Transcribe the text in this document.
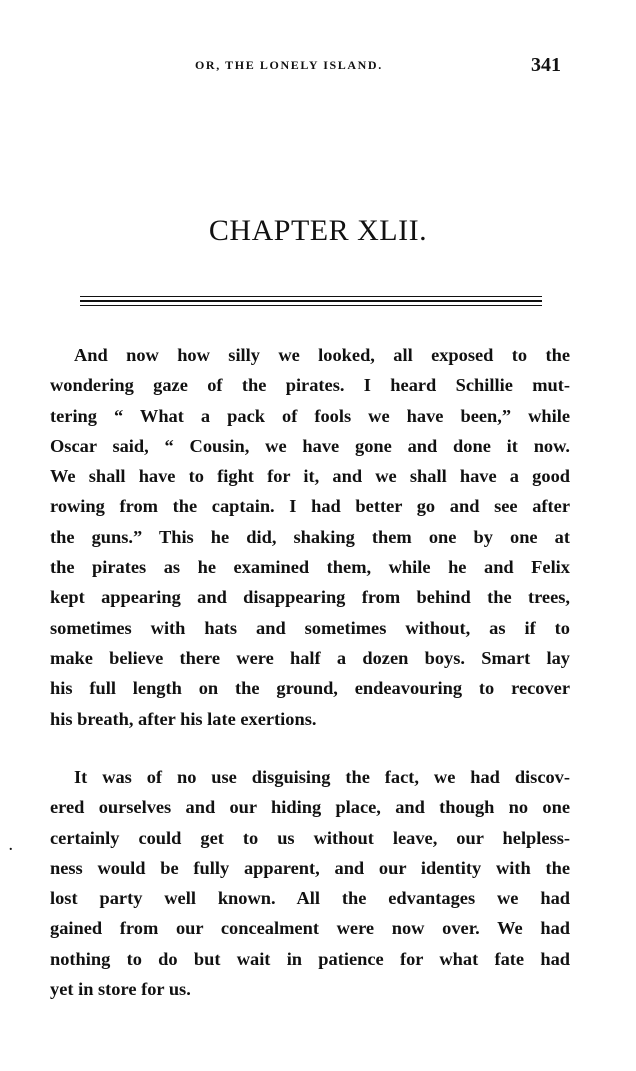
OR, THE LONELY ISLAND.	341
CHAPTER XLII.
And now how silly we looked, all exposed to the
wondering gaze of the pirates. I heard Schillie mut-
tering “ What a pack of fools we have been,” while
Oscar said, “ Cousin, we have gone and done it now.
We shall have to fight for it, and we shall have a good
rowing from the captain. I had better go and see after
the guns.” This he did, shaking them one by one at
the pirates as he examined them, while he and Felix
kept appearing and disappearing from behind the trees,
sometimes with hats and sometimes without, as if to
make believe there were half a dozen boys. Smart lay
his full length on the ground, endeavouring to recover
his breath, after his late exertions.
It was of no use disguising the fact, we had discov-
ered ourselves and our hiding place, and though no one
certainly could get to us without leave, our helpless-
ness would be fully apparent, and our identity with the
lost party well known. All the edvantages we had
gained from our concealment were now over. We had
nothing to do but wait in patience for what fate had
yet in store for us.
.
